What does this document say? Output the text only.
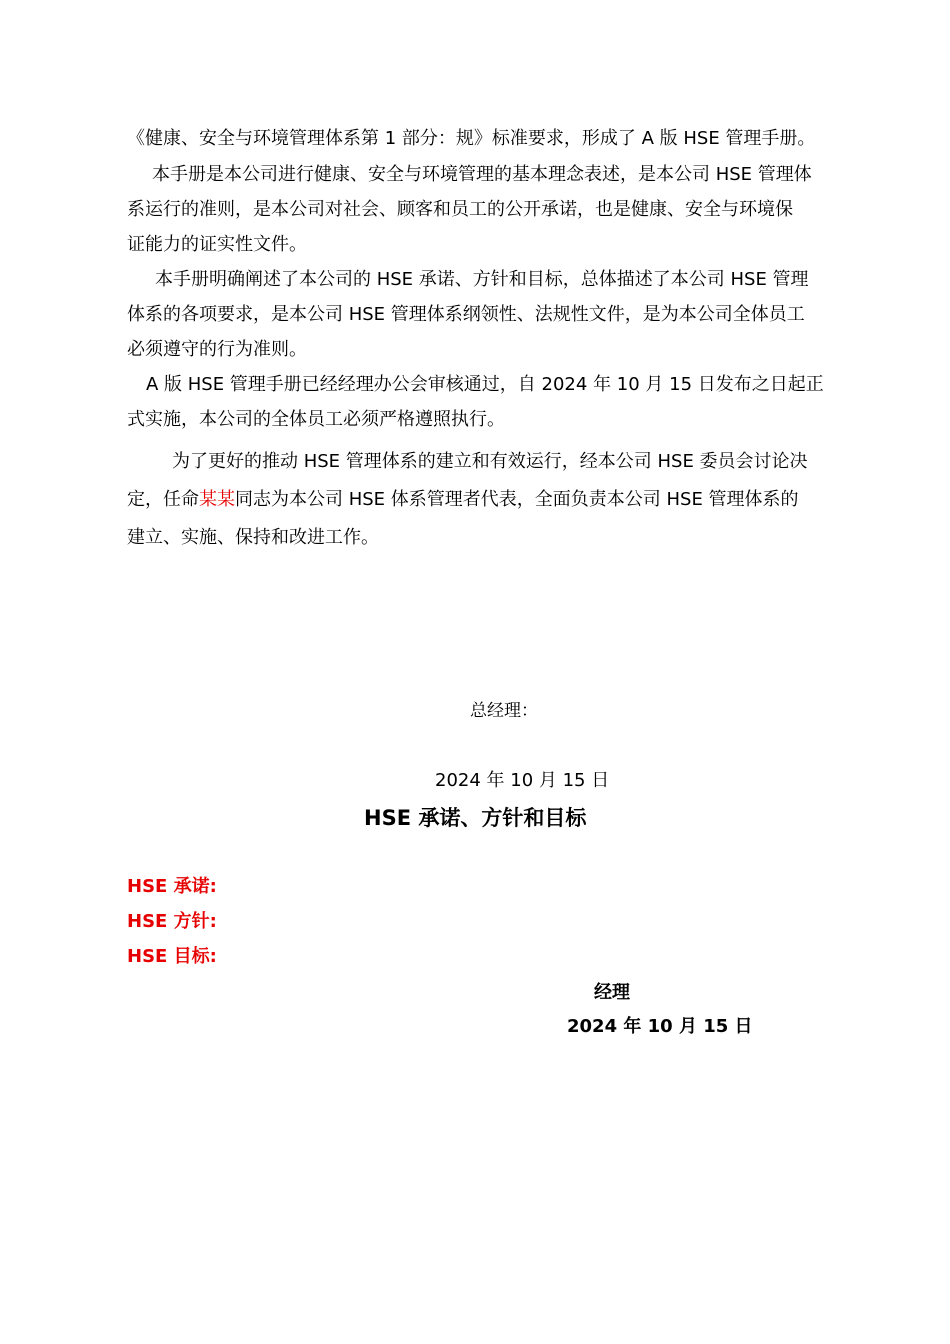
《健康、安全与环境管理体系第 1 部分：规》标准要求，形成了 A 版 HSE 管理手册。
本手册是本公司进行健康、安全与环境管理的基本理念表述，是本公司 HSE 管理体
系运行的准则，是本公司对社会、顾客和员工的公开承诺，也是健康、安全与环境保
证能力的证实性文件。
本手册明确阐述了本公司的 HSE 承诺、方针和目标，总体描述了本公司 HSE 管理
体系的各项要求，是本公司 HSE 管理体系纲领性、法规性文件，是为本公司全体员工
必须遵守的行为准则。
A 版 HSE 管理手册已经经理办公会审核通过，自 2024 年 10 月 15 日发布之日起正
式实施，本公司的全体员工必须严格遵照执行。
为了更好的推动 HSE 管理体系的建立和有效运行，经本公司 HSE 委员会讨论决
定，任命某某同志为本公司 HSE 体系管理者代表，全面负责本公司 HSE 管理体系的
建立、实施、保持和改进工作。
总经理：
2024 年 10 月 15 日
HSE 承诺、方针和目标
HSE 承诺:
HSE 方针:
HSE 目标:
经理
2024 年 10 月 15 日
